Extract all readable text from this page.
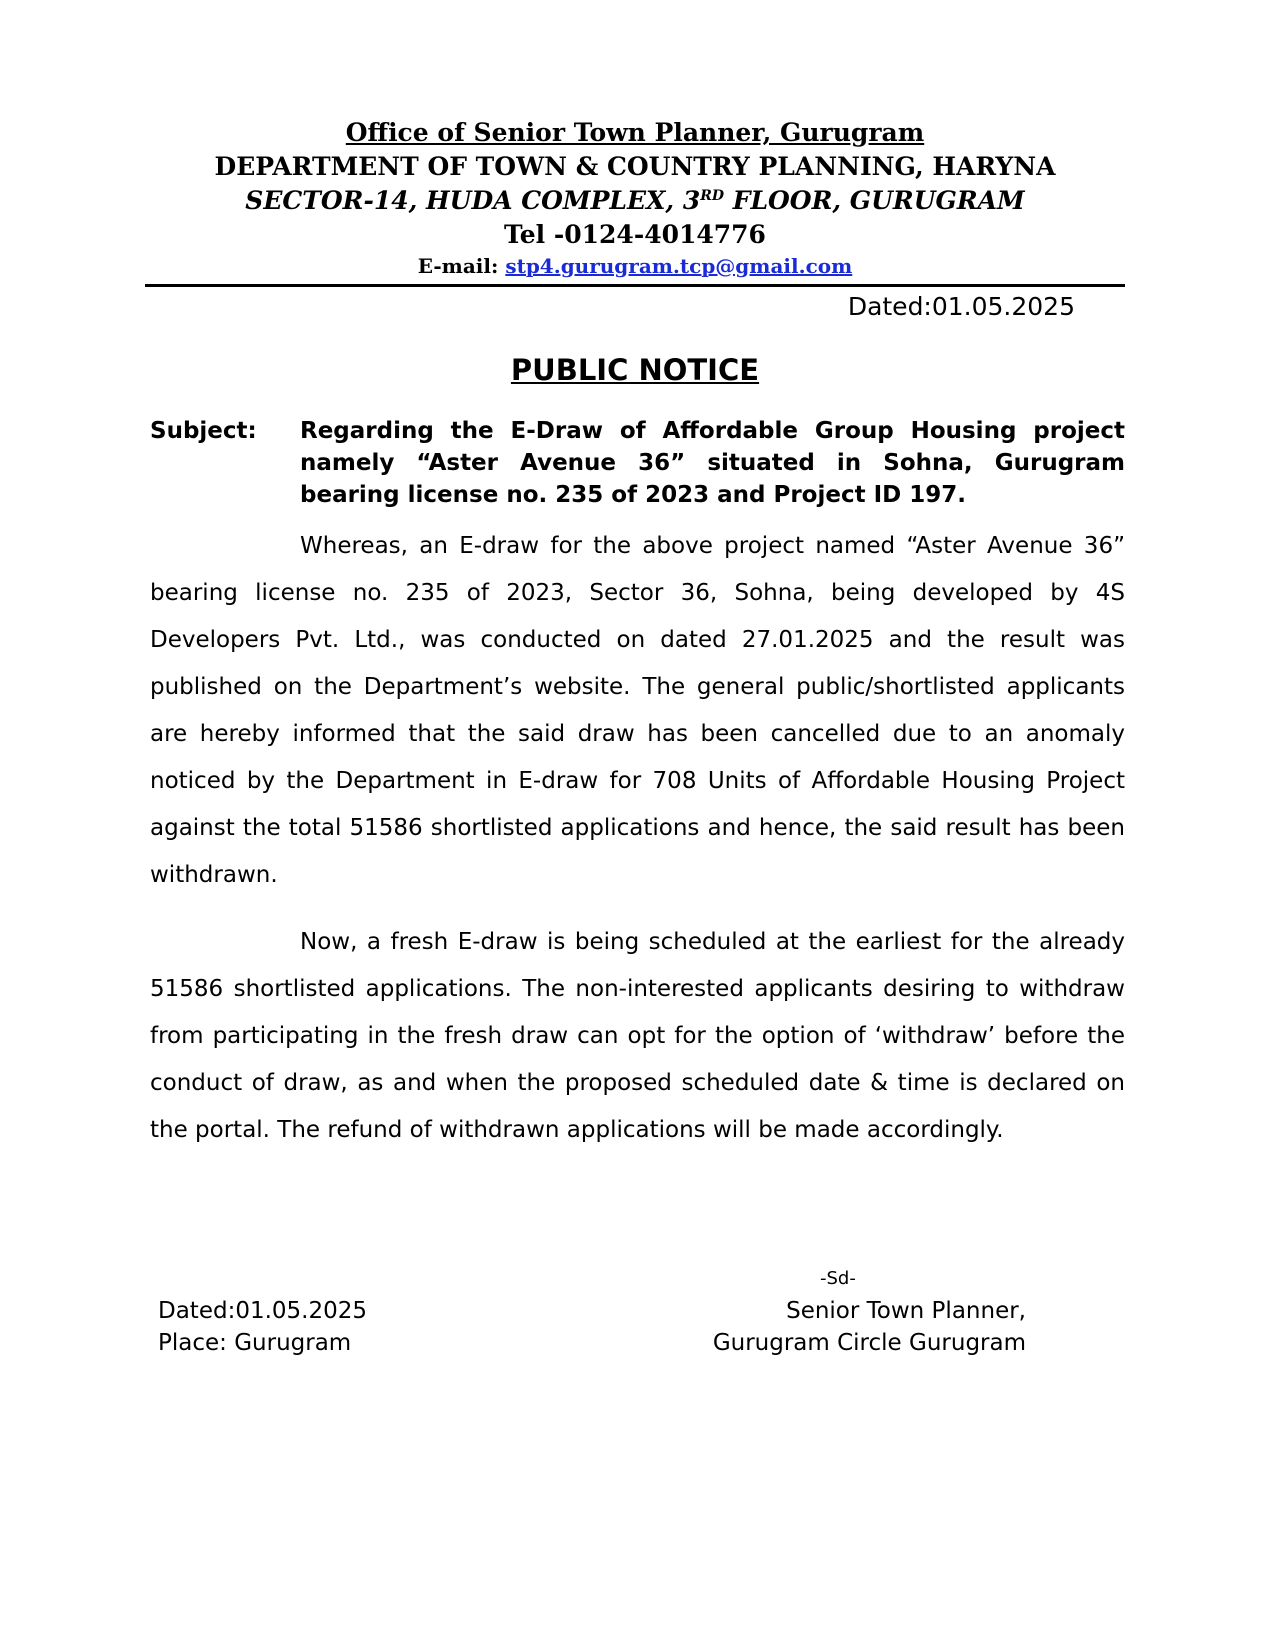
Office of Senior Town Planner, Gurugram
DEPARTMENT OF TOWN & COUNTRY PLANNING, HARYNA
SECTOR-14, HUDA COMPLEX, 3RD FLOOR, GURUGRAM
Tel -0124-4014776
E-mail: stp4.gurugram.tcp@gmail.com
Dated:01.05.2025
PUBLIC NOTICE
Subject: Regarding the E-Draw of Affordable Group Housing project namely “Aster Avenue 36” situated in Sohna, Gurugram bearing license no. 235 of 2023 and Project ID 197.

Whereas, an E-draw for the above project named “Aster Avenue 36” bearing license no. 235 of 2023, Sector 36, Sohna, being developed by 4S Developers Pvt. Ltd., was conducted on dated 27.01.2025 and the result was published on the Department’s website. The general public/shortlisted applicants are hereby informed that the said draw has been cancelled due to an anomaly noticed by the Department in E-draw for 708 Units of Affordable Housing Project against the total 51586 shortlisted applications and hence, the said result has been withdrawn.

Now, a fresh E-draw is being scheduled at the earliest for the already 51586 shortlisted applications. The non-interested applicants desiring to withdraw from participating in the fresh draw can opt for the option of ‘withdraw’ before the conduct of draw, as and when the proposed scheduled date & time is declared on the portal. The refund of withdrawn applications will be made accordingly.

-Sd-
Dated:01.05.2025
Place: Gurugram
Senior Town Planner,
Gurugram Circle Gurugram
